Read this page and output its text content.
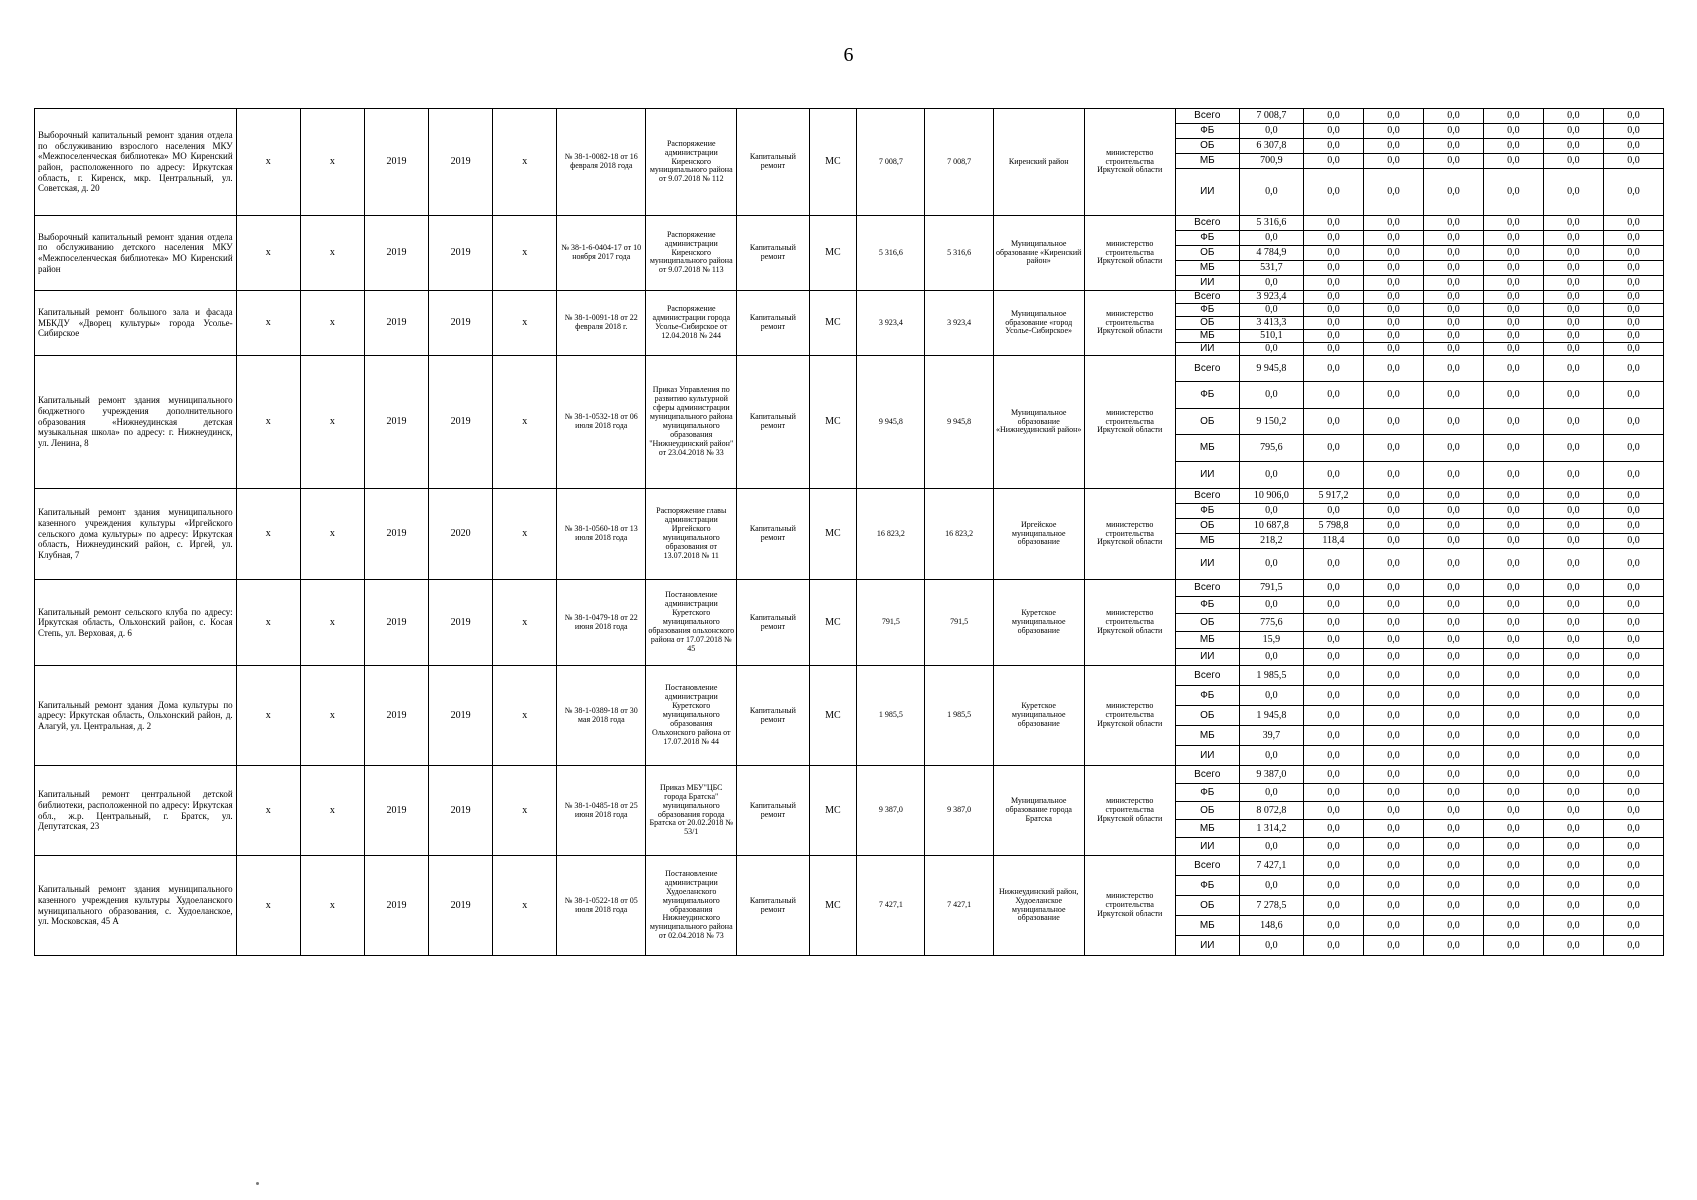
6
Выборочный капитальный ремонт здания отдела по обслуживанию взрослого населения МКУ «Межпоселенческая библиотека» МО Киренский район, расположенного по адресу: Иркутская область, г. Киренск, мкр. Центральный, ул. Советская, д. 20	x	x	2019	2019	x	№ 38-1-0082-18 от 16 февраля 2018 года	Распоряжение администрации Киренского муниципального района от 9.07.2018 № 112	Капитальный ремонт	МС	7 008,7	7 008,7	Киренский район	министерство строительства Иркутской области	Всего	7 008,7	0,0	0,0	0,0	0,0	0,0	0,0
														ФБ	0,0	0,0	0,0	0,0	0,0	0,0	0,0
														ОБ	6 307,8	0,0	0,0	0,0	0,0	0,0	0,0
														МБ	700,9	0,0	0,0	0,0	0,0	0,0	0,0
														ИИ	0,0	0,0	0,0	0,0	0,0	0,0	0,0
Выборочный капитальный ремонт здания отдела по обслуживанию детского населения МКУ «Межпоселенческая библиотека» МО Киренский район	x	x	2019	2019	x	№ 38-1-6-0404-17 от 10 ноября 2017 года	Распоряжение администрации Киренского муниципального района от 9.07.2018 № 113	Капитальный ремонт	МС	5 316,6	5 316,6	Муниципальное образование «Киренский район»	министерство строительства Иркутской области	Всего	5 316,6	0,0	0,0	0,0	0,0	0,0	0,0
														ФБ	0,0	0,0	0,0	0,0	0,0	0,0	0,0
														ОБ	4 784,9	0,0	0,0	0,0	0,0	0,0	0,0
														МБ	531,7	0,0	0,0	0,0	0,0	0,0	0,0
														ИИ	0,0	0,0	0,0	0,0	0,0	0,0	0,0
Капитальный ремонт большого зала и фасада МБКДУ «Дворец культуры» города Усолье-Сибирское	x	x	2019	2019	x	№ 38-1-0091-18 от 22 февраля 2018 г.	Распоряжение администрации города Усолье-Сибирское от 12.04.2018 № 244	Капитальный ремонт	МС	3 923,4	3 923,4	Муниципальное образование «город Усолье-Сибирское»	министерство строительства Иркутской области	Всего	3 923,4	0,0	0,0	0,0	0,0	0,0	0,0
														ФБ	0,0	0,0	0,0	0,0	0,0	0,0	0,0
														ОБ	3 413,3	0,0	0,0	0,0	0,0	0,0	0,0
														МБ	510,1	0,0	0,0	0,0	0,0	0,0	0,0
														ИИ	0,0	0,0	0,0	0,0	0,0	0,0	0,0
Капитальный ремонт здания муниципального бюджетного учреждения дополнительного образования «Нижнеудинская детская музыкальная школа» по адресу: г. Нижнеудинск, ул. Ленина, 8	x	x	2019	2019	x	№ 38-1-0532-18 от 06 июля 2018 года	Приказ Управления по развитию культурной сферы администрации муниципального района муниципального образования "Нижнеудинский район" от 23.04.2018 № 33	Капитальный ремонт	МС	9 945,8	9 945,8	Муниципальное образование «Нижнеудинский район»	министерство строительства Иркутской области	Всего	9 945,8	0,0	0,0	0,0	0,0	0,0	0,0
														ФБ	0,0	0,0	0,0	0,0	0,0	0,0	0,0
														ОБ	9 150,2	0,0	0,0	0,0	0,0	0,0	0,0
														МБ	795,6	0,0	0,0	0,0	0,0	0,0	0,0
														ИИ	0,0	0,0	0,0	0,0	0,0	0,0	0,0
Капитальный ремонт здания муниципального казенного учреждения культуры «Иргейского сельского дома культуры» по адресу: Иркутская область, Нижнеудинский район, с. Иргей, ул. Клубная, 7	x	x	2019	2020	x	№ 38-1-0560-18 от 13 июля 2018 года	Распоряжение главы администрации Иргейского муниципального образования от 13.07.2018 № 11	Капитальный ремонт	МС	16 823,2	16 823,2	Иргейское муниципальное образование	министерство строительства Иркутской области	Всего	10 906,0	5 917,2	0,0	0,0	0,0	0,0	0,0
														ФБ	0,0	0,0	0,0	0,0	0,0	0,0	0,0
														ОБ	10 687,8	5 798,8	0,0	0,0	0,0	0,0	0,0
														МБ	218,2	118,4	0,0	0,0	0,0	0,0	0,0
														ИИ	0,0	0,0	0,0	0,0	0,0	0,0	0,0
Капитальный ремонт сельского клуба по адресу: Иркутская область, Ольхонский район, с. Косая Степь, ул. Верховая, д. 6	x	x	2019	2019	x	№ 38-1-0479-18 от 22 июня 2018 года	Постановление администрации Куретского муниципального образования ольхонского района от 17.07.2018 № 45	Капитальный ремонт	МС	791,5	791,5	Куретское муниципальное образование	министерство строительства Иркутской области	Всего	791,5	0,0	0,0	0,0	0,0	0,0	0,0
														ФБ	0,0	0,0	0,0	0,0	0,0	0,0	0,0
														ОБ	775,6	0,0	0,0	0,0	0,0	0,0	0,0
														МБ	15,9	0,0	0,0	0,0	0,0	0,0	0,0
														ИИ	0,0	0,0	0,0	0,0	0,0	0,0	0,0
Капитальный ремонт здания Дома культуры по адресу: Иркутская область, Ольхонский район, д. Алагуй, ул. Центральная, д. 2	x	x	2019	2019	x	№ 38-1-0389-18 от 30 мая 2018 года	Постановление администрации Куретского муниципального образования Ольхонского района от 17.07.2018 № 44	Капитальный ремонт	МС	1 985,5	1 985,5	Куретское муниципальное образование	министерство строительства Иркутской области	Всего	1 985,5	0,0	0,0	0,0	0,0	0,0	0,0
														ФБ	0,0	0,0	0,0	0,0	0,0	0,0	0,0
														ОБ	1 945,8	0,0	0,0	0,0	0,0	0,0	0,0
														МБ	39,7	0,0	0,0	0,0	0,0	0,0	0,0
														ИИ	0,0	0,0	0,0	0,0	0,0	0,0	0,0
Капитальный ремонт центральной детской библиотеки, расположенной по адресу: Иркутская обл., ж.р. Центральный, г. Братск, ул. Депутатская, 23	x	x	2019	2019	x	№ 38-1-0485-18 от 25 июня 2018 года	Приказ МБУ"ЦБС города Братска" муниципального образования города Братска от 20.02.2018 № 53/1	Капитальный ремонт	МС	9 387,0	9 387,0	Муниципальное образование города Братска	министерство строительства Иркутской области	Всего	9 387,0	0,0	0,0	0,0	0,0	0,0	0,0
														ФБ	0,0	0,0	0,0	0,0	0,0	0,0	0,0
														ОБ	8 072,8	0,0	0,0	0,0	0,0	0,0	0,0
														МБ	1 314,2	0,0	0,0	0,0	0,0	0,0	0,0
														ИИ	0,0	0,0	0,0	0,0	0,0	0,0	0,0
Капитальный ремонт здания муниципального казенного учреждения культуры Худоеланского муниципального образования, с. Худоеланское, ул. Московская, 45 А	x	x	2019	2019	x	№ 38-1-0522-18 от 05 июля 2018 года	Постановление администрации Худоеланского муниципального образования Нижнеудинского муниципального района от 02.04.2018 № 73	Капитальный ремонт	МС	7 427,1	7 427,1	Нижнеудинский район, Худоеланское муниципальное образование	министерство строительства Иркутской области	Всего	7 427,1	0,0	0,0	0,0	0,0	0,0	0,0
														ФБ	0,0	0,0	0,0	0,0	0,0	0,0	0,0
														ОБ	7 278,5	0,0	0,0	0,0	0,0	0,0	0,0
														МБ	148,6	0,0	0,0	0,0	0,0	0,0	0,0
														ИИ	0,0	0,0	0,0	0,0	0,0	0,0	0,0
